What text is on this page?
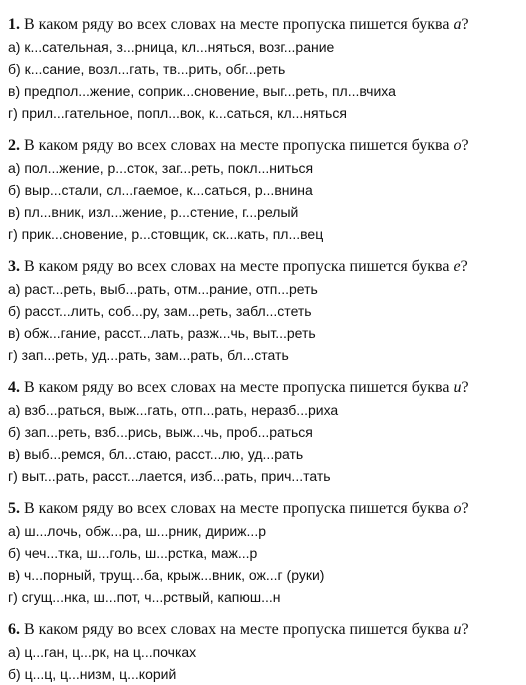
1. В каком ряду во всех словах на месте пропуска пишется буква а?
а) к...сательная, з...рница, кл...няться, возг...рание
б) к...сание, возл...гать, тв...рить, обг...реть
в) предпол...жение, соприк...сновение, выг...реть, пл...вчиха
г) прил...гательное, попл...вок, к...саться, кл...няться
2. В каком ряду во всех словах на месте пропуска пишется буква о?
а) пол...жение, р...сток, заг...реть, покл...ниться
б) выр...стали, сл...гаемое, к...саться, р...внина
в) пл...вник, изл...жение, р...стение, г...релый
г) прик...сновение, р...стовщик, ск...кать, пл...вец
3. В каком ряду во всех словах на месте пропуска пишется буква е?
а) раст...реть, выб...рать, отм...рание, отп...реть
б) расст...лить, соб...ру, зам...реть, забл...стеть
в) обж...гание, расст...лать, разж...чь, выт...реть
г) зап...реть, уд...рать, зам...рать, бл...стать
4. В каком ряду во всех словах на месте пропуска пишется буква и?
а) взб...раться, выж...гать, отп...рать, неразб...риха
б) зап...реть, взб...рись, выж...чь, проб...раться
в) выб...ремся, бл...стаю, расст...лю, уд...рать
г) выт...рать, расст...лается, изб...рать, прич...тать
5. В каком ряду во всех словах на месте пропуска пишется буква о?
а) ш...лочь, обж...ра, ш...рник, дириж...р
б) чеч...тка, ш...голь, ш...рстка, маж...р
в) ч...порный, трущ...ба, крыж...вник, ож...г (руки)
г) сгущ...нка, ш...пот, ч...рствый, капюш...н
6. В каком ряду во всех словах на месте пропуска пишется буква и?
а) ц...ган, ц...рк, на ц...почках
б) ц...ц, ц...низм, ц...корий
